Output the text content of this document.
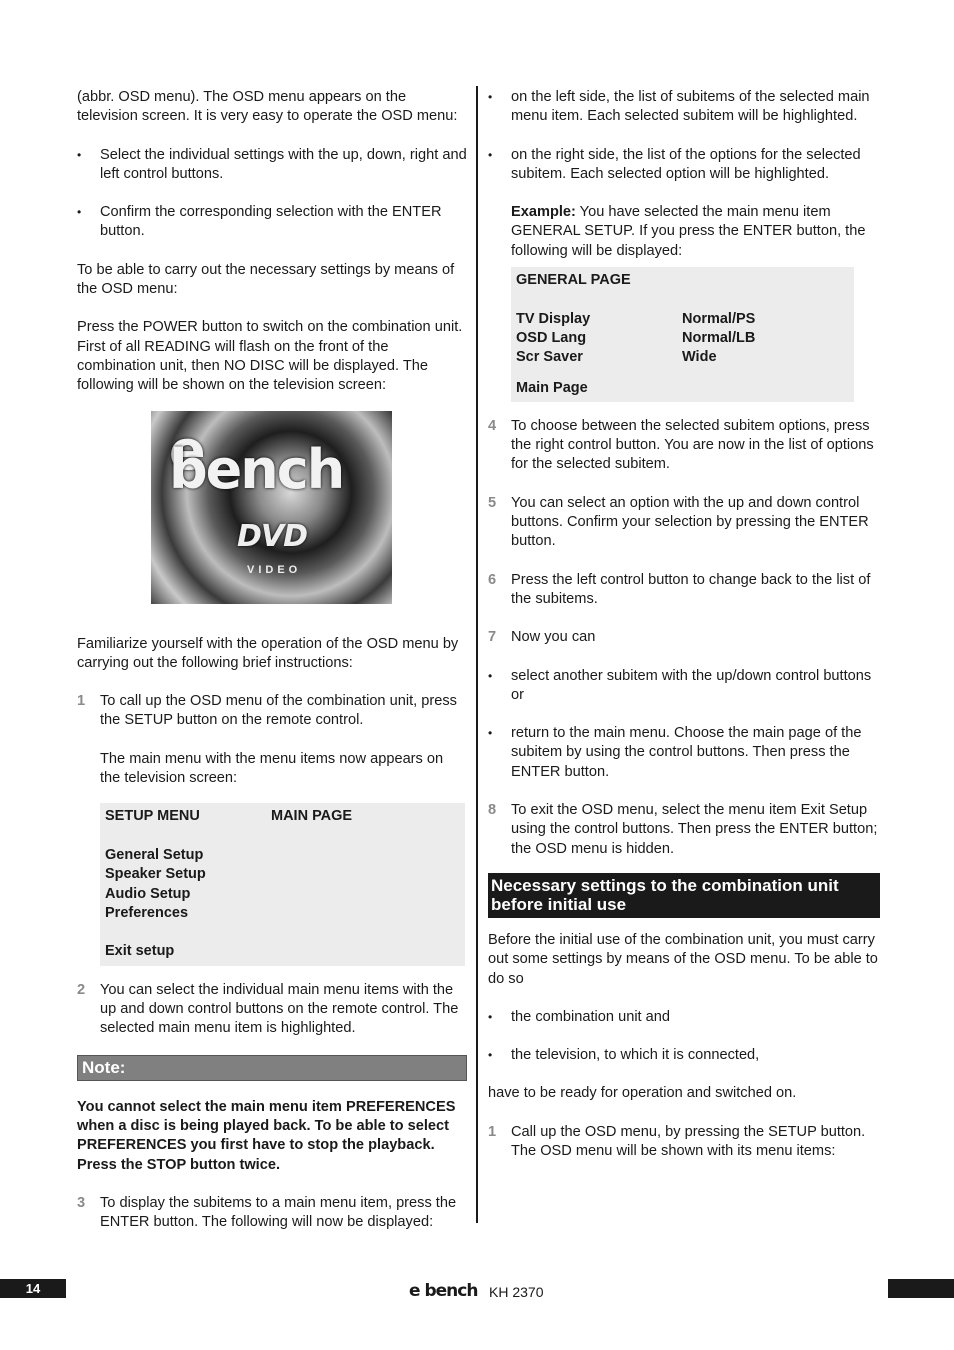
(abbr. OSD menu). The OSD menu appears on the television screen. It is very easy to operate the OSD menu:

• Select the individual settings with the up, down, right and left control buttons.
• Confirm the corresponding selection with the ENTER button.

To be able to carry out the necessary settings by means of the OSD menu:

Press the POWER button to switch on the combination unit. First of all READING will flash on the front of the combination unit, then NO DISC will be displayed. The following will be shown on the television screen:

e bench
DVD
VIDEO

Familiarize yourself with the operation of the OSD menu by carrying out the following brief instructions:

1 To call up the OSD menu of the combination unit, press the SETUP button on the remote control.
The main menu with the menu items now appears on the television screen:
SETUP MENU	MAIN PAGE
General Setup
Speaker Setup
Audio Setup
Preferences
Exit setup
2 You can select the individual main menu items with the up and down control buttons on the remote control. The selected main menu item is highlighted.
Note:

You cannot select the main menu item PREFERENCES when a disc is being played back. To be able to select PREFERENCES you first have to stop the playback. Press the STOP button twice.

3 To display the subitems to a main menu item, press the ENTER button. The following will now be displayed:
• on the left side, the list of subitems of the selected main menu item. Each selected subitem will be highlighted.
• on the right side, the list of the options for the selected subitem. Each selected option will be highlighted.
Example: You have selected the main menu item GENERAL SETUP. If you press the ENTER button, the following will be displayed:
GENERAL PAGE
TV Display	Normal/PS
OSD Lang	Normal/LB
Scr Saver	Wide
Main Page
4 To choose between the selected subitem options, press the right control button. You are now in the list of options for the selected subitem.
5 You can select an option with the up and down control buttons. Confirm your selection by pressing the ENTER button.
6 Press the left control button to change back to the list of the subitems.
7 Now you can
• select another subitem with the up/down control buttons or
• return to the main menu. Choose the main page of the subitem by using the control buttons. Then press the ENTER button.
8 To exit the OSD menu, select the menu item Exit Setup using the control buttons. Then press the ENTER button; the OSD menu is hidden.
Necessary settings to the combination unit before initial use

Before the initial use of the combination unit, you must carry out some settings by means of the OSD menu. To be able to do so

• the combination unit and
• the television, to which it is connected,

have to be ready for operation and switched on.

1 Call up the OSD menu, by pressing the SETUP button. The OSD menu will be shown with its menu items:
14	e bench KH 2370
